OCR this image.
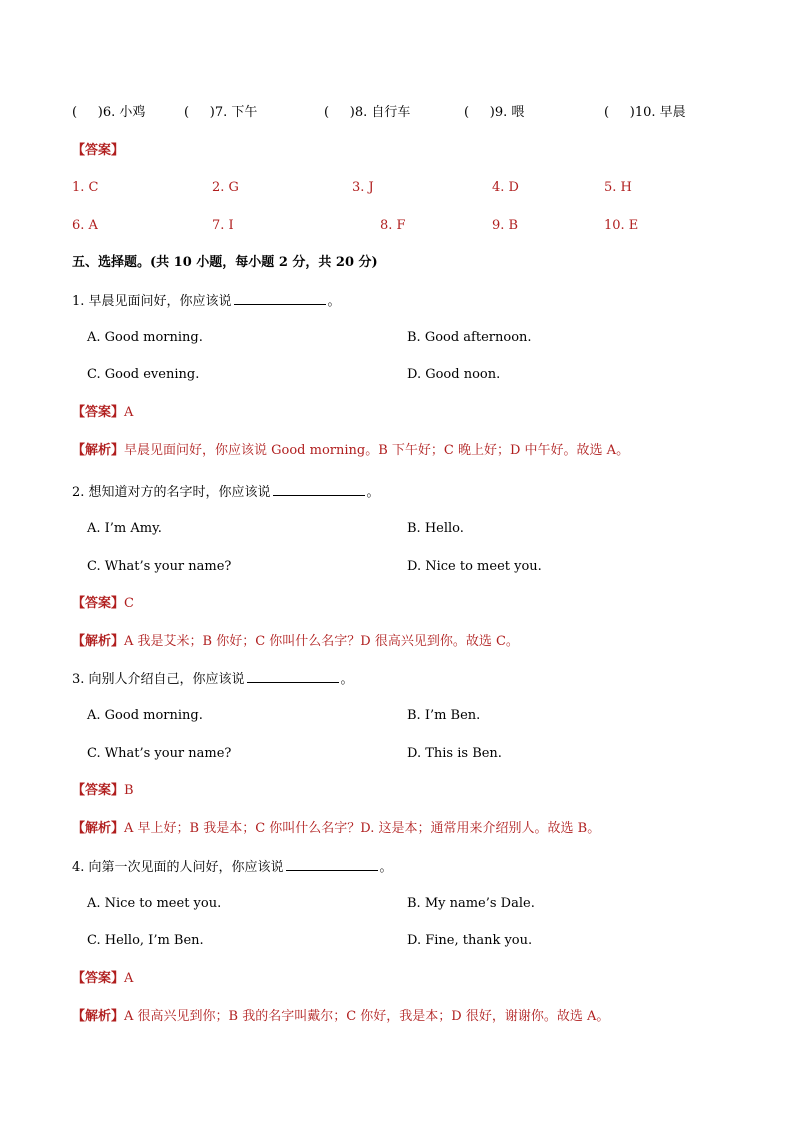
( )6. 小鸡	( )7. 下午	( )8. 自行车	( )9. 喂	( )10. 早晨
【答案】
1. C	2. G	3. J	4. D	5. H
6. A	7. I	8. F	9. B	10. E
五、选择题。(共 10 小题，每小题 2 分，共 20 分)
1. 早晨见面问好，你应该说	。
A. Good morning.	B. Good afternoon.
C. Good evening.	D. Good noon.
【答案】A
【解析】早晨见面问好，你应该说 Good morning。B 下午好；C 晚上好；D 中午好。故选 A。
2. 想知道对方的名字时，你应该说	。
A. I’m Amy.	B. Hello.
C. What’s your name?	D. Nice to meet you.
【答案】C
【解析】A 我是艾米；B 你好；C 你叫什么名字？D 很高兴见到你。故选 C。
3. 向别人介绍自己，你应该说	。
A. Good morning.	B. I’m Ben.
C. What’s your name?	D. This is Ben.
【答案】B
【解析】A 早上好；B 我是本；C 你叫什么名字？D. 这是本；通常用来介绍别人。故选 B。
4. 向第一次见面的人问好，你应该说	。
A. Nice to meet you.	B. My name’s Dale.
C. Hello, I’m Ben.	D. Fine, thank you.
【答案】A
【解析】A 很高兴见到你；B 我的名字叫戴尔；C 你好，我是本；D 很好，谢谢你。故选 A。
